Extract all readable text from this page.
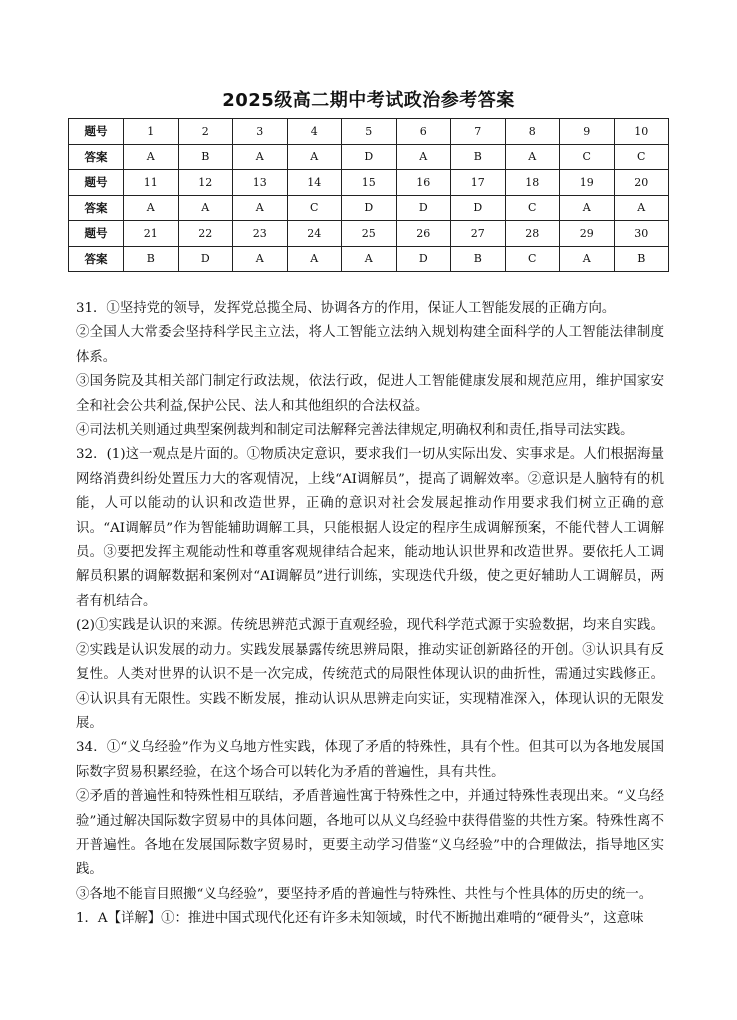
2025级高二期中考试政治参考答案
题号	1	2	3	4	5	6	7	8	9	10
答案	A	B	A	A	D	A	B	A	C	C
题号	11	12	13	14	15	16	17	18	19	20
答案	A	A	A	C	D	D	D	C	A	A
题号	21	22	23	24	25	26	27	28	29	30
答案	B	D	A	A	A	D	B	C	A	B

31．①坚持党的领导，发挥党总揽全局、协调各方的作用，保证人工智能发展的正确方向。

②全国人大常委会坚持科学民主立法，将人工智能立法纳入规划构建全面科学的人工智能法律制度体系。

③国务院及其相关部门制定行政法规，依法行政，促进人工智能健康发展和规范应用，维护国家安全和社会公共利益,保护公民、法人和其他组织的合法权益。

④司法机关则通过典型案例裁判和制定司法解释完善法律规定,明确权利和责任,指导司法实践。

32．(1)这一观点是片面的。①物质决定意识，要求我们一切从实际出发、实事求是。人们根据海量网络消费纠纷处置压力大的客观情况，上线“AI调解员”，提高了调解效率。②意识是人脑特有的机能，人可以能动的认识和改造世界，正确的意识对社会发展起推动作用要求我们树立正确的意识。“AI调解员”作为智能辅助调解工具，只能根据人设定的程序生成调解预案，不能代替人工调解员。③要把发挥主观能动性和尊重客观规律结合起来，能动地认识世界和改造世界。要依托人工调解员积累的调解数据和案例对“AI调解员”进行训练，实现迭代升级，使之更好辅助人工调解员，两者有机结合。

(2)①实践是认识的来源。传统思辨范式源于直观经验，现代科学范式源于实验数据，均来自实践。②实践是认识发展的动力。实践发展暴露传统思辨局限，推动实证创新路径的开创。③认识具有反复性。人类对世界的认识不是一次完成，传统范式的局限性体现认识的曲折性，需通过实践修正。④认识具有无限性。实践不断发展，推动认识从思辨走向实证，实现精准深入，体现认识的无限发展。

34．①“义乌经验”作为义乌地方性实践，体现了矛盾的特殊性，具有个性。但其可以为各地发展国际数字贸易积累经验，在这个场合可以转化为矛盾的普遍性，具有共性。

②矛盾的普遍性和特殊性相互联结，矛盾普遍性寓于特殊性之中，并通过特殊性表现出来。“义乌经验”通过解决国际数字贸易中的具体问题，各地可以从义乌经验中获得借鉴的共性方案。特殊性离不开普遍性。各地在发展国际数字贸易时，更要主动学习借鉴“义乌经验”中的合理做法，指导地区实践。

③各地不能盲目照搬“义乌经验”，要坚持矛盾的普遍性与特殊性、共性与个性具体的历史的统一。

1．A【详解】①：推进中国式现代化还有许多未知领域，时代不断抛出难啃的“硬骨头”，这意味
